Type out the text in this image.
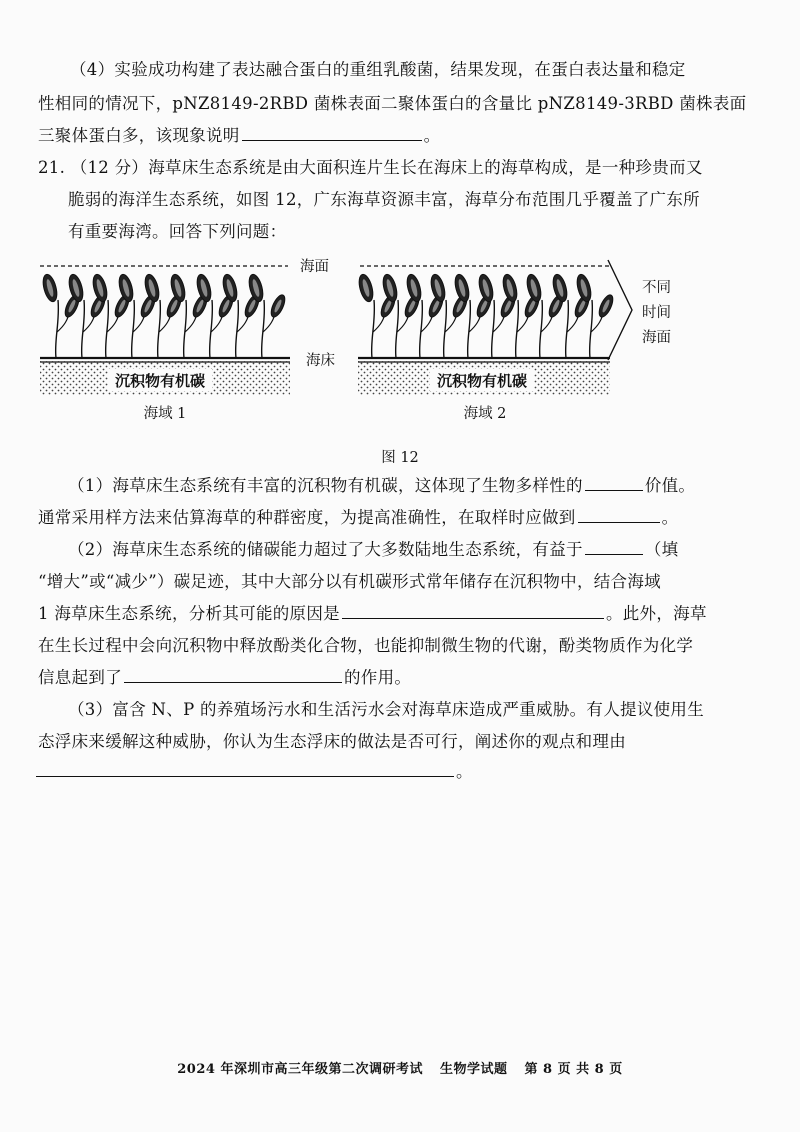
（4）实验成功构建了表达融合蛋白的重组乳酸菌，结果发现，在蛋白表达量和稳定
性相同的情况下，pNZ8149-2RBD 菌株表面二聚体蛋白的含量比 pNZ8149-3RBD 菌株表面
三聚体蛋白多，该现象说明	。
21. （12 分）海草床生态系统是由大面积连片生长在海床上的海草构成，是一种珍贵而又
脆弱的海洋生态系统，如图 12，广东海草资源丰富，海草分布范围几乎覆盖了广东所
有重要海湾。回答下列问题：
海面
不同
时间
海面
沉积物有机碳
海域 1
海床
沉积物有机碳
海域 2
图 12
（1）海草床生态系统有丰富的沉积物有机碳，这体现了生物多样性的	价值。
通常采用样方法来估算海草的种群密度，为提高准确性，在取样时应做到	。
（2）海草床生态系统的储碳能力超过了大多数陆地生态系统，有益于	（填
“增大”或“减少”）碳足迹，其中大部分以有机碳形式常年储存在沉积物中，结合海域
1 海草床生态系统，分析其可能的原因是	。此外，海草
在生长过程中会向沉积物中释放酚类化合物，也能抑制微生物的代谢，酚类物质作为化学
信息起到了	的作用。
（3）富含 N、P 的养殖场污水和生活污水会对海草床造成严重威胁。有人提议使用生
态浮床来缓解这种威胁，你认为生态浮床的做法是否可行，阐述你的观点和理由
。
2024 年深圳市高三年级第二次调研考试 生物学试题 第 8 页 共 8 页
